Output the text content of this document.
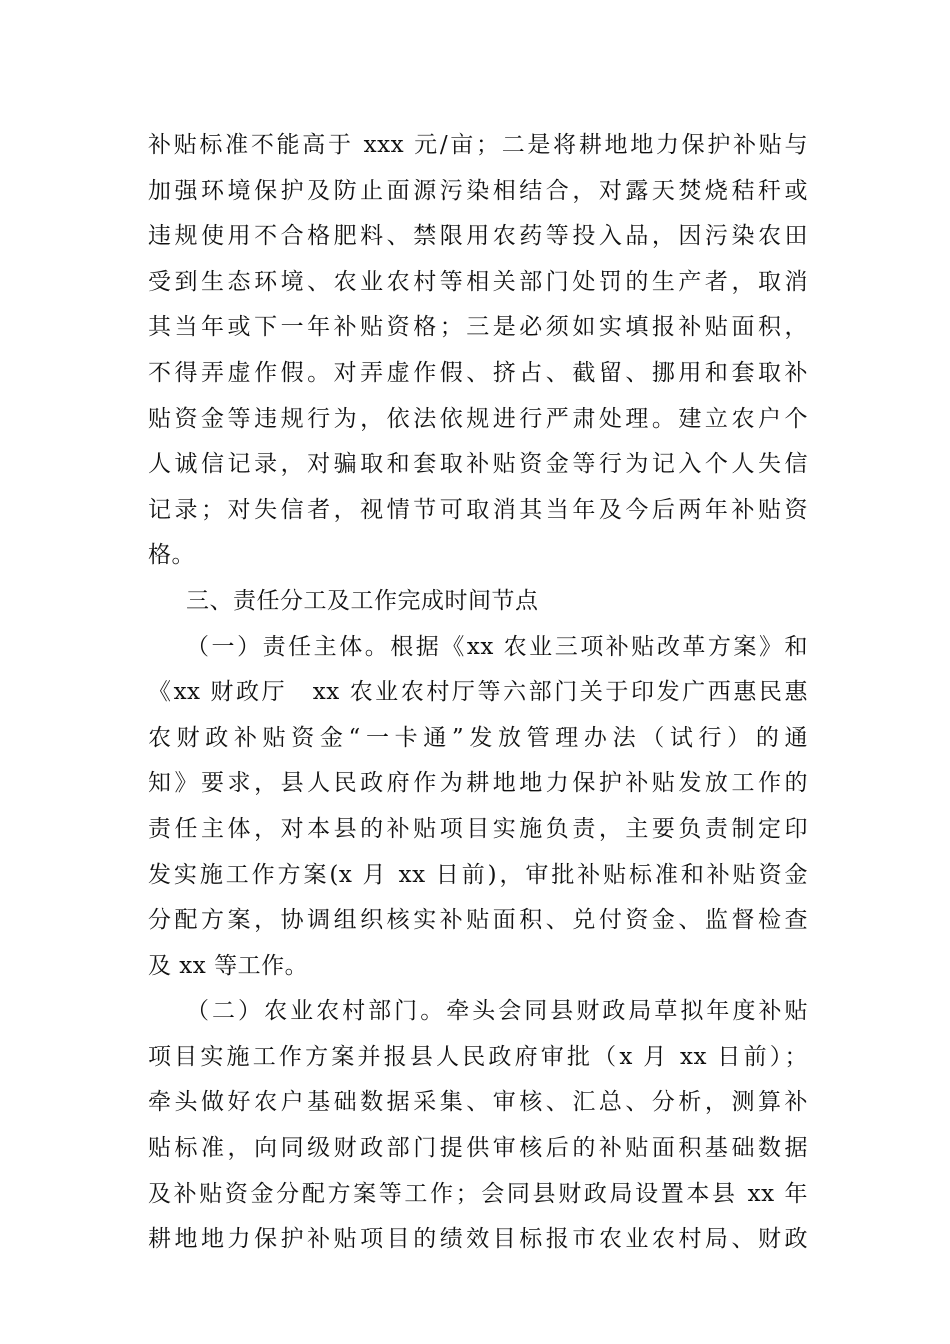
补贴标准不能高于 xxx 元/亩；二是将耕地地力保护补贴与
加强环境保护及防止面源污染相结合，对露天焚烧秸秆或
违规使用不合格肥料、禁限用农药等投入品，因污染农田
受到生态环境、农业农村等相关部门处罚的生产者，取消
其当年或下一年补贴资格；三是必须如实填报补贴面积，
不得弄虚作假。对弄虚作假、挤占、截留、挪用和套取补
贴资金等违规行为，依法依规进行严肃处理。建立农户个
人诚信记录，对骗取和套取补贴资金等行为记入个人失信
记录；对失信者，视情节可取消其当年及今后两年补贴资
格。
三、责任分工及工作完成时间节点
（一）责任主体。根据《xx 农业三项补贴改革方案》和
《xx 财政厅　xx 农业农村厅等六部门关于印发广西惠民惠
农财政补贴资金“一卡通”发放管理办法（试行）的通
知》要求，县人民政府作为耕地地力保护补贴发放工作的
责任主体，对本县的补贴项目实施负责，主要负责制定印
发实施工作方案(x 月 xx 日前)，审批补贴标准和补贴资金
分配方案，协调组织核实补贴面积、兑付资金、监督检查
及 xx 等工作。
（二）农业农村部门。牵头会同县财政局草拟年度补贴
项目实施工作方案并报县人民政府审批（x 月 xx 日前）；
牵头做好农户基础数据采集、审核、汇总、分析，测算补
贴标准，向同级财政部门提供审核后的补贴面积基础数据
及补贴资金分配方案等工作；会同县财政局设置本县 xx 年
耕地地力保护补贴项目的绩效目标报市农业农村局、财政
